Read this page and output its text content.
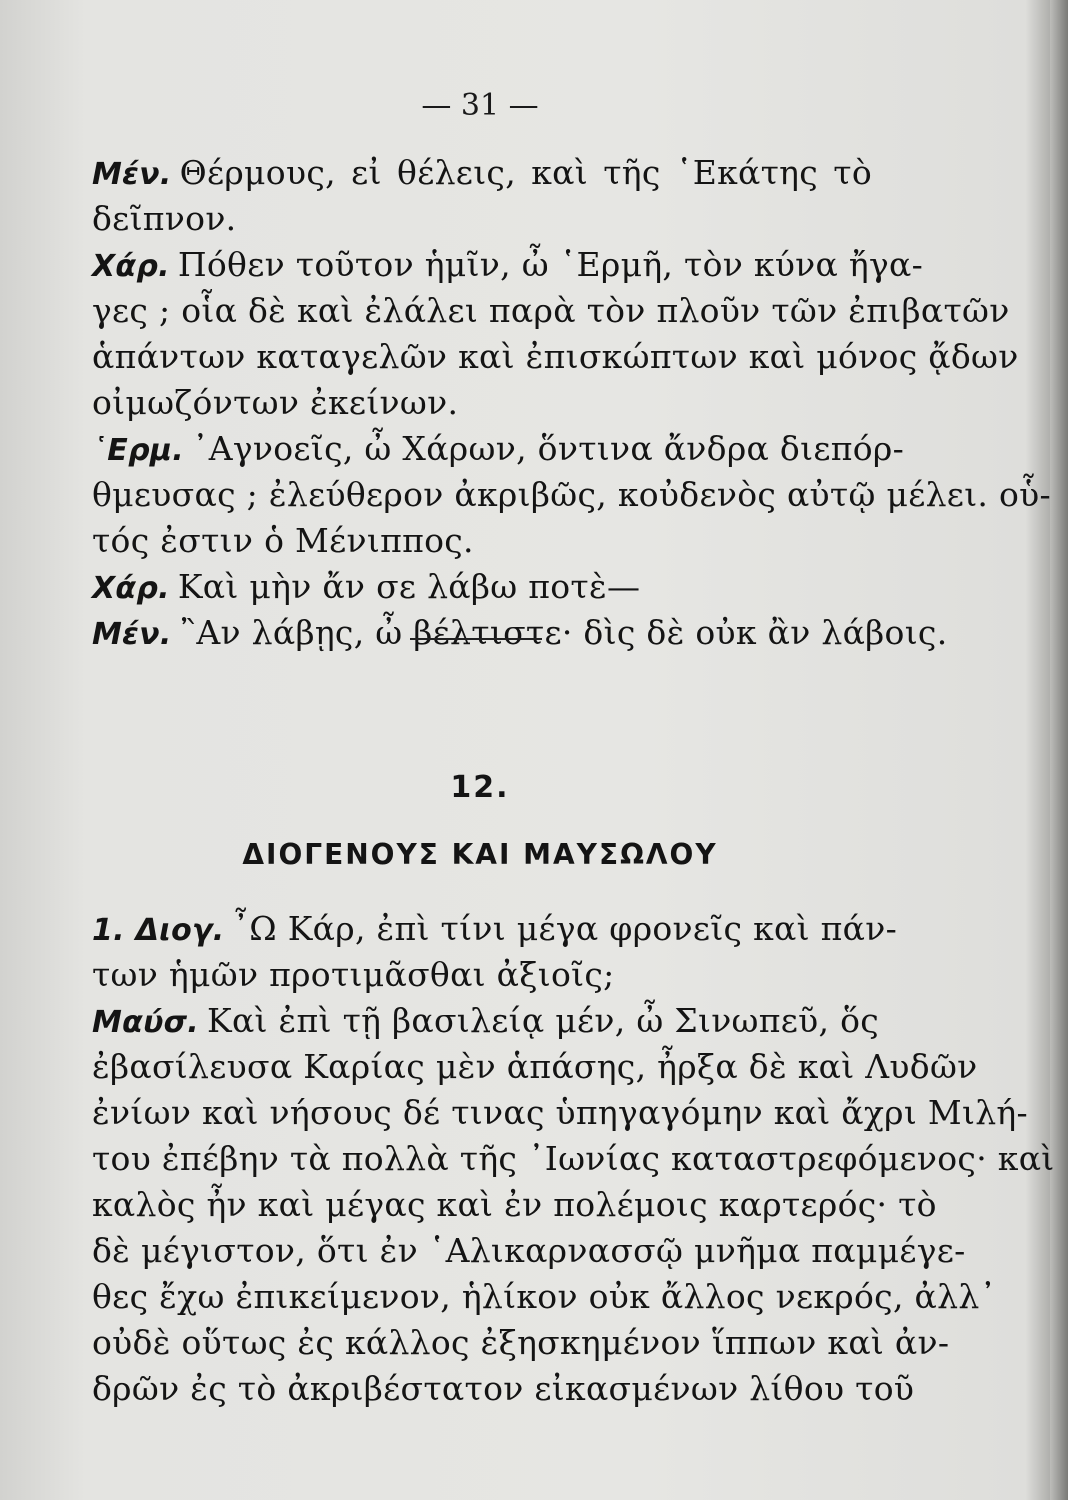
— 31 —
Μέν. Θέρμους, εἰ θέλεις, καὶ τῆς ῾Εκάτης τὸ
δεῖπνον.
Χάρ. Πόθεν τοῦτον ἡμῖν, ὦ ῾Ερμῆ, τὸν κύνα ἤγα-
γες ; οἷα δὲ καὶ ἐλάλει παρὰ τὸν πλοῦν τῶν ἐπιβατῶν
ἁπάντων καταγελῶν καὶ ἐπισκώπτων καὶ μόνος ᾄδων
οἰμωζόντων ἐκείνων.
῾Ερμ. ᾿Αγνοεῖς, ὦ Χάρων, ὅντινα ἄνδρα διεπόρ-
θμευσας ; ἐλεύθερον ἀκριβῶς, κοὐδενὸς αὐτῷ μέλει. οὗ-
τός ἐστιν ὁ Μένιππος.
Χάρ. Καὶ μὴν ἄν σε λάβω ποτὲ—
Μέν. ῍Αν λάβῃς, ὦ βέλτιστε· δὶς δὲ οὐκ ἂν λάβοις.
12.
ΔΙΟΓΕΝΟΥΣ ΚΑΙ ΜΑΥΣΩΛΟΥ
1. Διογ. ῏Ω Κάρ, ἐπὶ τίνι μέγα φρονεῖς καὶ πάν-
των ἡμῶν προτιμᾶσθαι ἀξιοῖς;
Μαύσ. Καὶ ἐπὶ τῇ βασιλείᾳ μέν, ὦ Σινωπεῦ, ὅς
ἐβασίλευσα Καρίας μὲν ἁπάσης, ἦρξα δὲ καὶ Λυδῶν
ἐνίων καὶ νήσους δέ τινας ὑπηγαγόμην καὶ ἄχρι Μιλή-
του ἐπέβην τὰ πολλὰ τῆς ᾿Ιωνίας καταστρεφόμενος· καὶ
καλὸς ἦν καὶ μέγας καὶ ἐν πολέμοις καρτερός· τὸ
δὲ μέγιστον, ὅτι ἐν ῾Αλικαρνασσῷ μνῆμα παμμέγε-
θες ἔχω ἐπικείμενον, ἡλίκον οὐκ ἄλλος νεκρός, ἀλλ᾿
οὐδὲ οὕτως ἐς κάλλος ἐξησκημένον ἵππων καὶ ἀν-
δρῶν ἐς τὸ ἀκριβέστατον εἰκασμένων λίθου τοῦ
